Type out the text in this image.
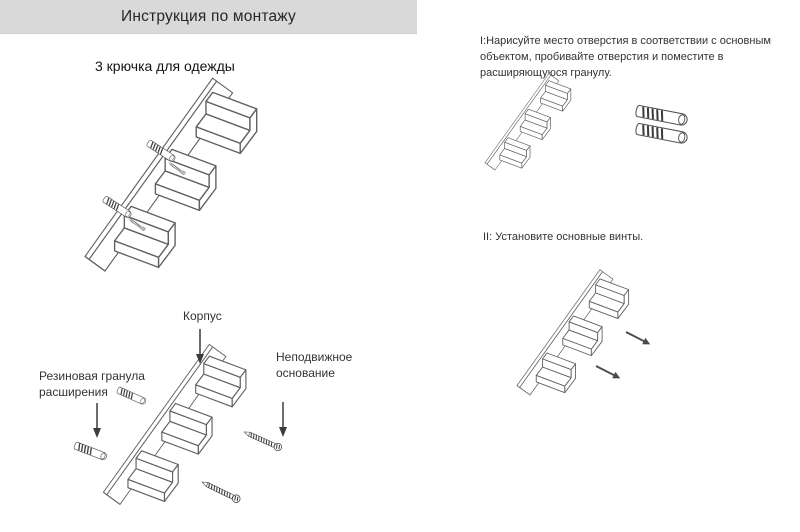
Инструкция по монтажу
3 крючка для одежды
I:Нарисуйте место отверстия в соответствии с основным объектом, пробивайте отверстия и поместите в расширяющуюся гранулу.
II: Установите основные винты.
Корпус
Резиновая гранула расширения
Неподвижное основание
